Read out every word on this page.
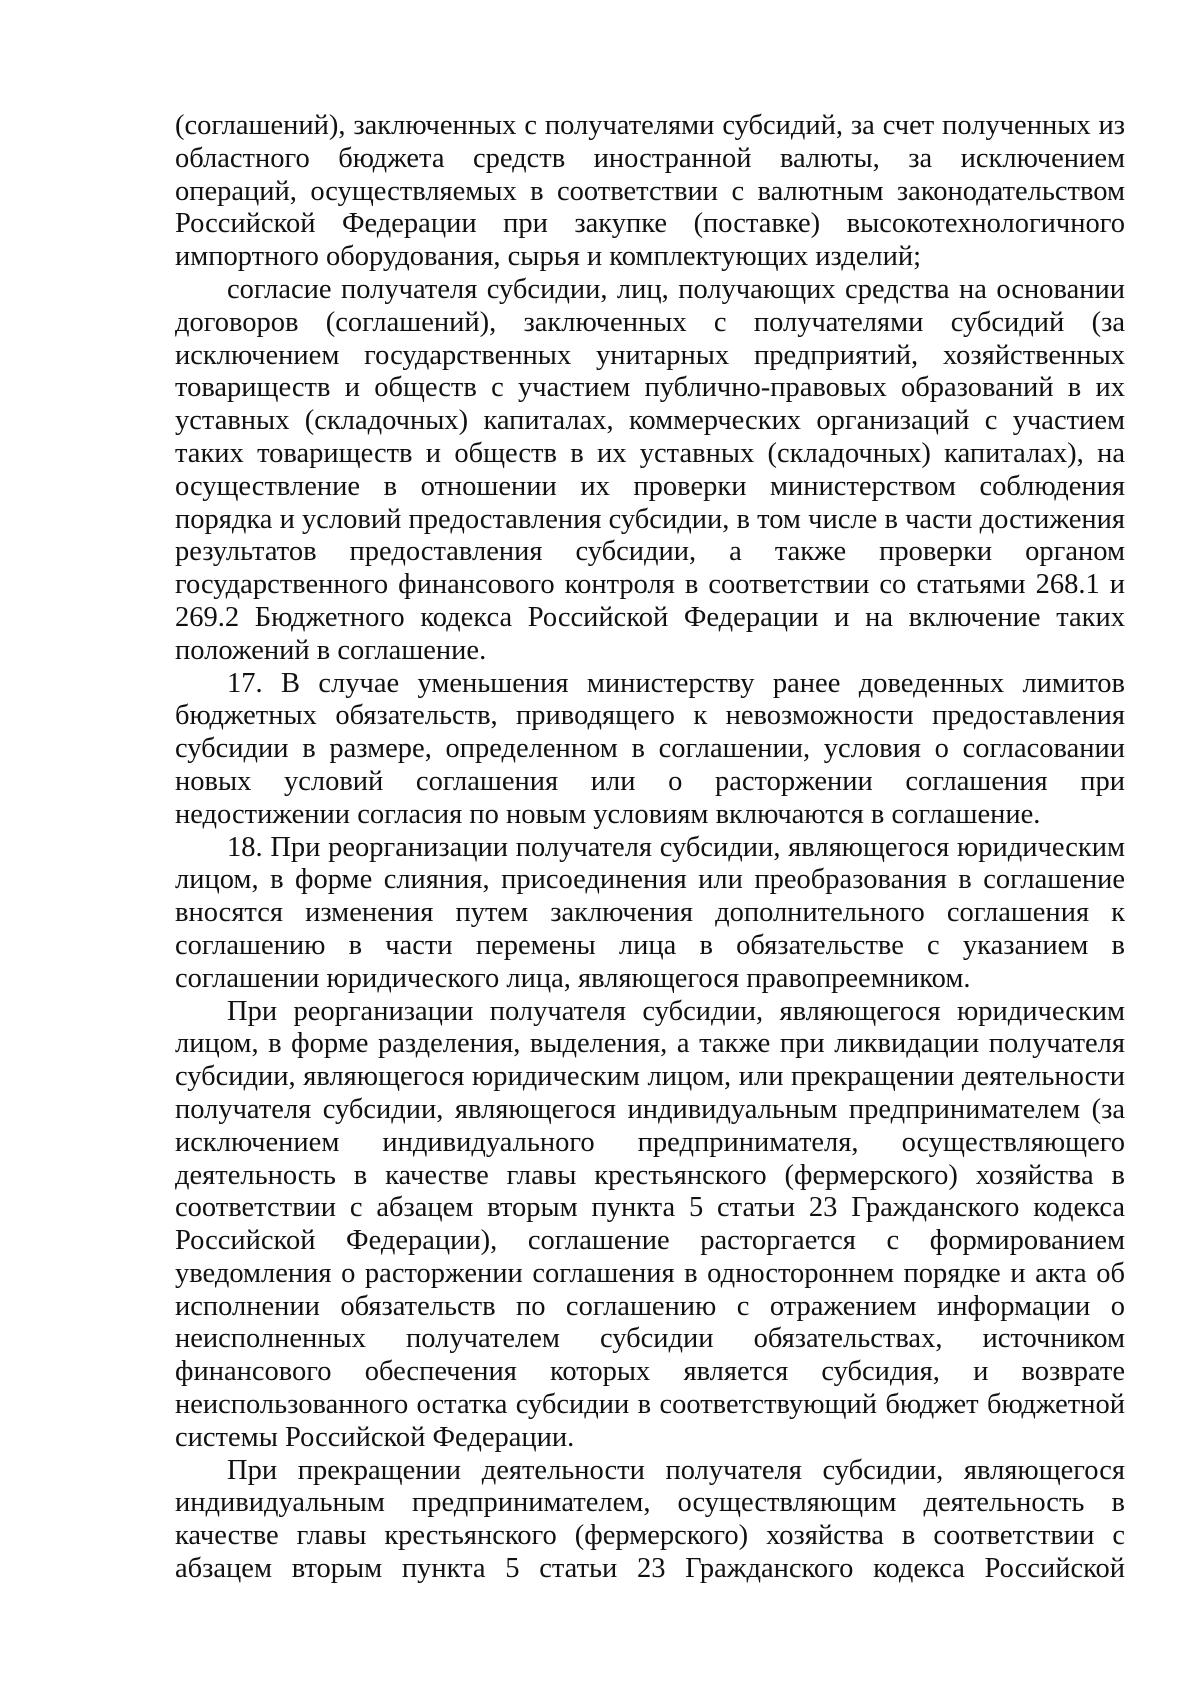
(соглашений), заключенных с получателями субсидий, за счет полученных из областного бюджета средств иностранной валюты, за исключением операций, осуществляемых в соответствии с валютным законодательством Российской Федерации при закупке (поставке) высокотехнологичного импортного оборудования, сырья и комплектующих изделий;

согласие получателя субсидии, лиц, получающих средства на основании договоров (соглашений), заключенных с получателями субсидий (за исключением государственных унитарных предприятий, хозяйственных товариществ и обществ с участием публично-правовых образований в их уставных (складочных) капиталах, коммерческих организаций с участием таких товариществ и обществ в их уставных (складочных) капиталах), на осуществление в отношении их проверки министерством соблюдения порядка и условий предоставления субсидии, в том числе в части достижения результатов предоставления субсидии, а также проверки органом государственного финансового контроля в соответствии со статьями 268.1 и 269.2 Бюджетного кодекса Российской Федерации и на включение таких положений в соглашение.

17. В случае уменьшения министерству ранее доведенных лимитов бюджетных обязательств, приводящего к невозможности предоставления субсидии в размере, определенном в соглашении, условия о согласовании новых условий соглашения или о расторжении соглашения при недостижении согласия по новым условиям включаются в соглашение.

18. При реорганизации получателя субсидии, являющегося юридическим лицом, в форме слияния, присоединения или преобразования в соглашение вносятся изменения путем заключения дополнительного соглашения к соглашению в части перемены лица в обязательстве с указанием в соглашении юридического лица, являющегося правопреемником.

При реорганизации получателя субсидии, являющегося юридическим лицом, в форме разделения, выделения, а также при ликвидации получателя субсидии, являющегося юридическим лицом, или прекращении деятельности получателя субсидии, являющегося индивидуальным предпринимателем (за исключением индивидуального предпринимателя, осуществляющего деятельность в качестве главы крестьянского (фермерского) хозяйства в соответствии с абзацем вторым пункта 5 статьи 23 Гражданского кодекса Российской Федерации), соглашение расторгается с формированием уведомления о расторжении соглашения в одностороннем порядке и акта об исполнении обязательств по соглашению с отражением информации о неисполненных получателем субсидии обязательствах, источником финансового обеспечения которых является субсидия, и возврате неиспользованного остатка субсидии в соответствующий бюджет бюджетной системы Российской Федерации.

При прекращении деятельности получателя субсидии, являющегося индивидуальным предпринимателем, осуществляющим деятельность в качестве главы крестьянского (фермерского) хозяйства в соответствии с абзацем вторым пункта 5 статьи 23 Гражданского кодекса Российской
